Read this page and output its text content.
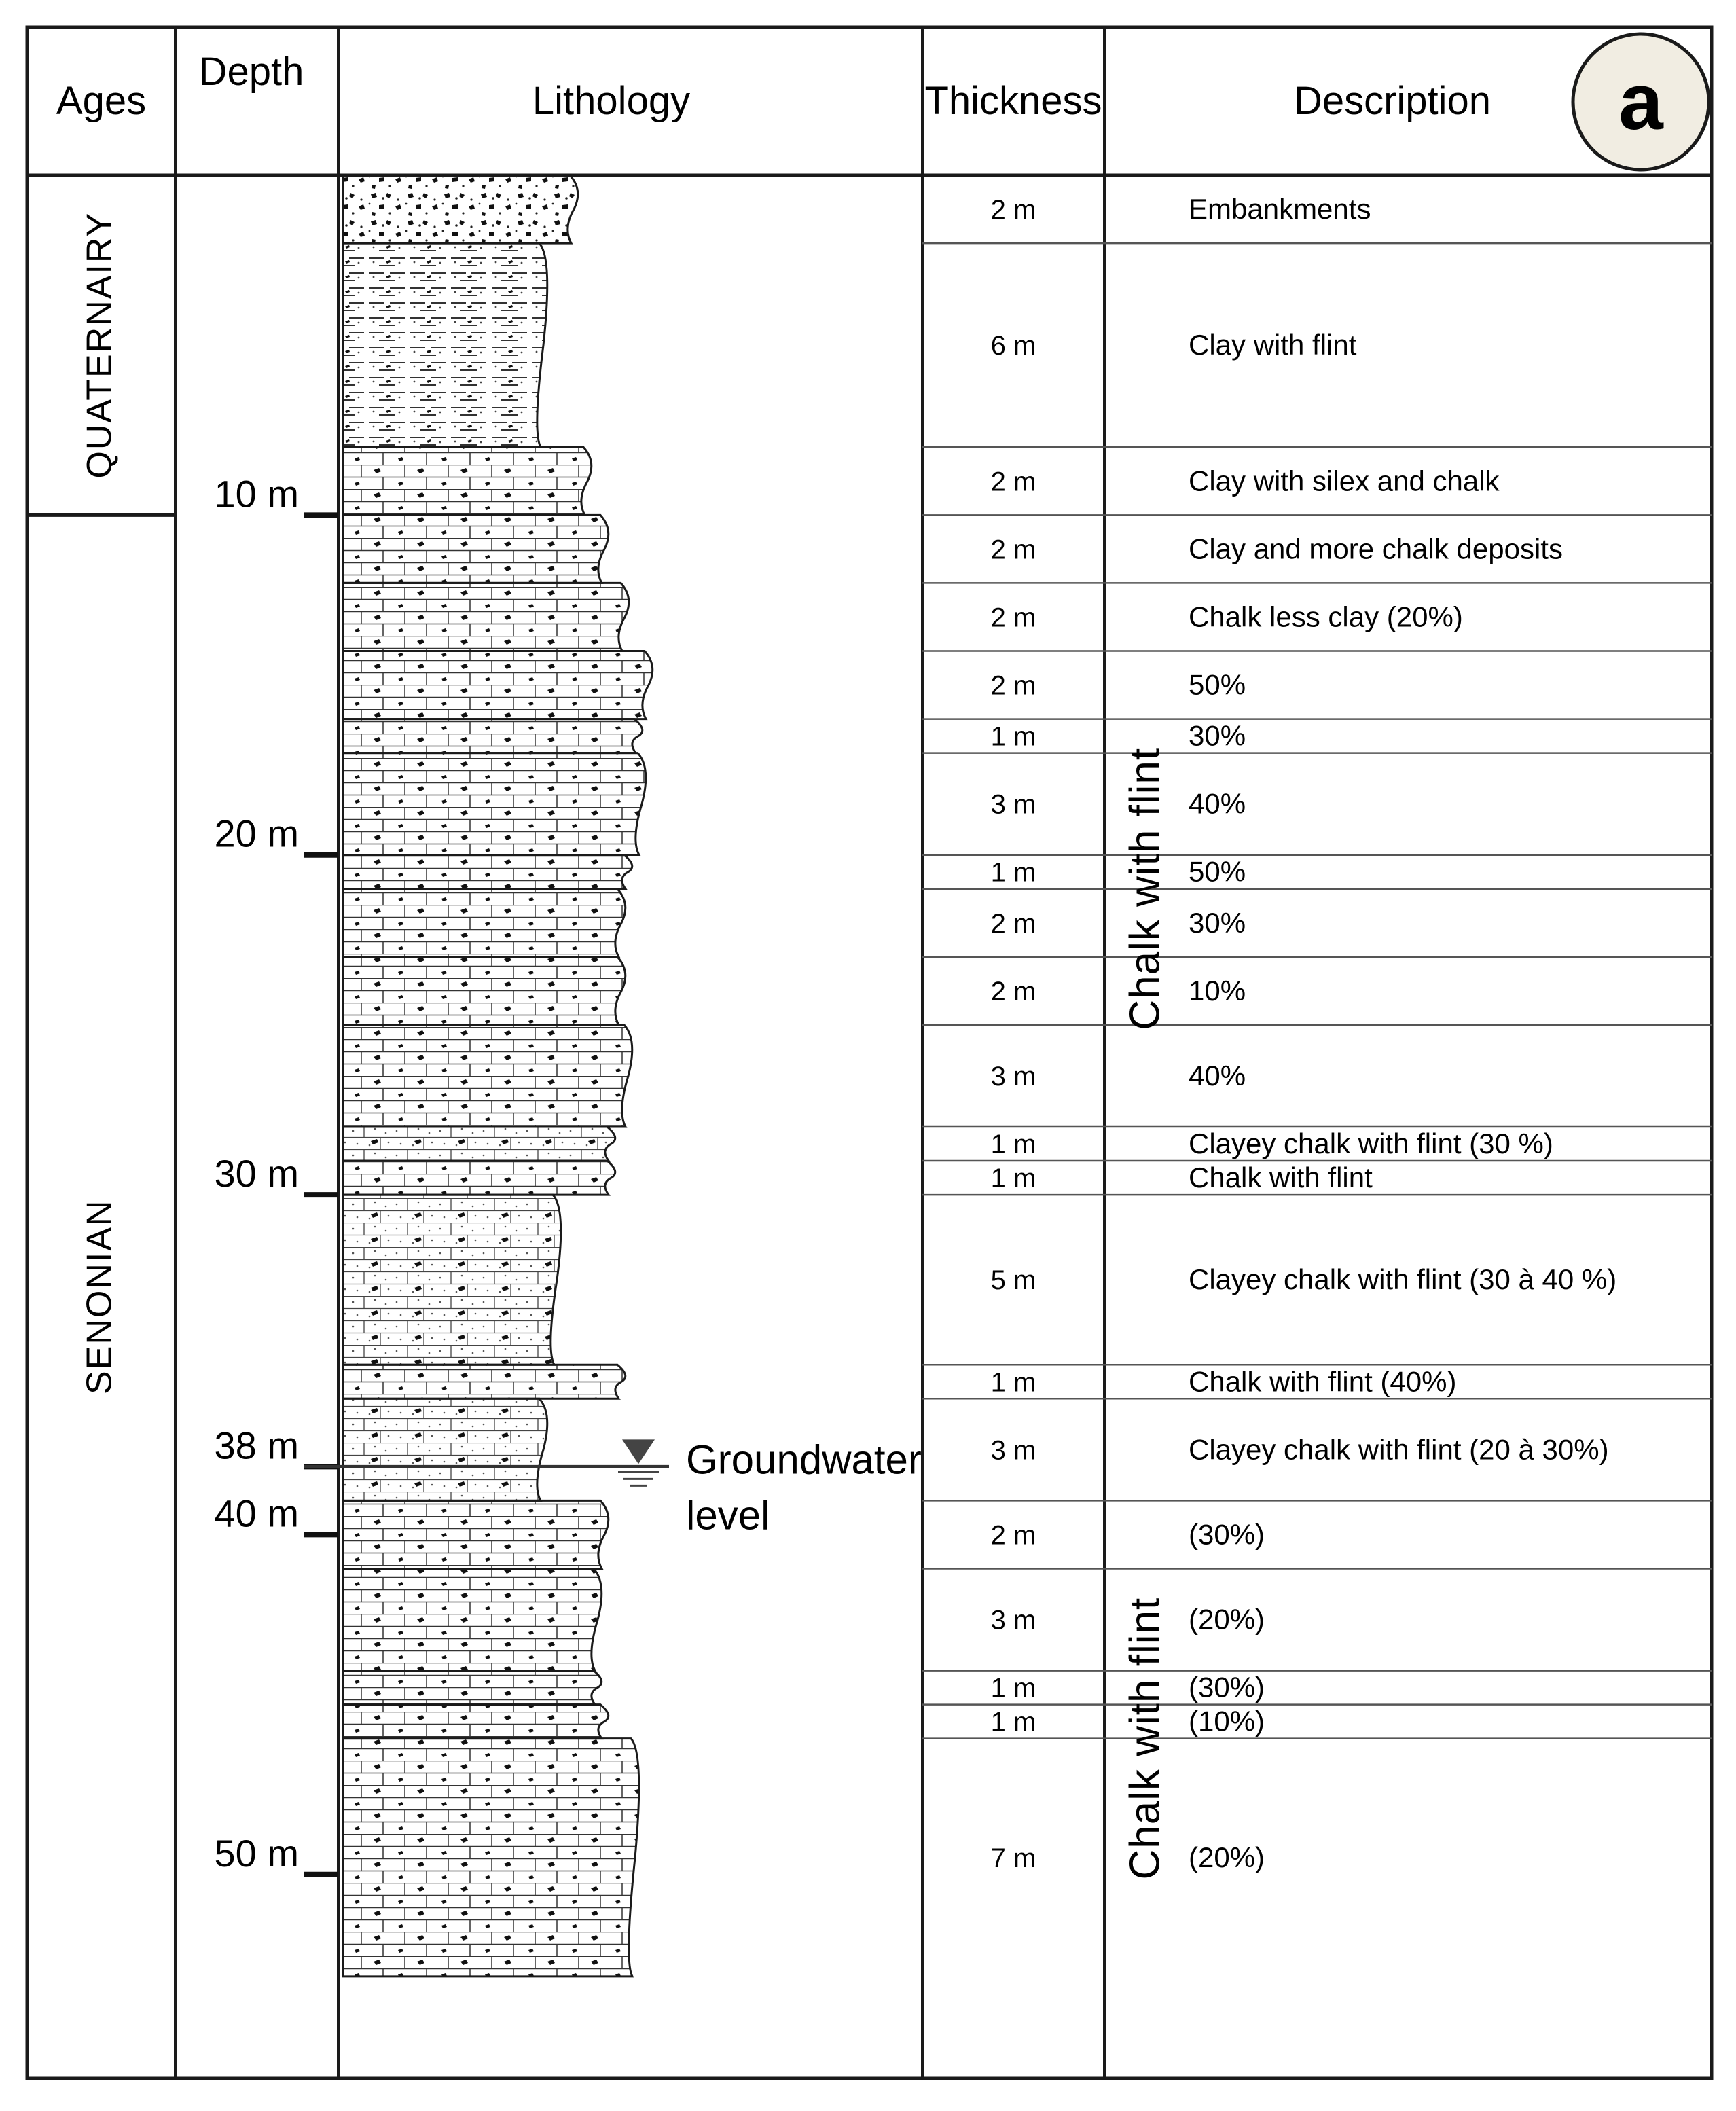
Ages
Depth
Lithology	Thickness	Description a
QUATERNAIRY
SENONIAN
2 m	Embankments
6 m	Clay with flint
2 m	Clay with silex and chalk
2 m	Clay and more chalk deposits
2 m	Chalk less clay (20%)
2 m	50%
1 m	30%
3 m	40%
1 m	50%
2 m	30%
2 m	10%
3 m	40%
1 m	Clayey chalk with flint (30 %)
1 m	Chalk with flint
5 m	Clayey chalk with flint (30 à 40 %)
1 m	Chalk with flint (40%)
3 m	Clayey chalk with flint (20 à 30%)
2 m	(30%)
3 m	(20%)
1 m	(30%)
1 m	(10%)
7 m	(20%)
Chalk with flint
Chalk with flint
10 m
20 m
30 m
38 m
40 m
50 m
Groundwater
level
